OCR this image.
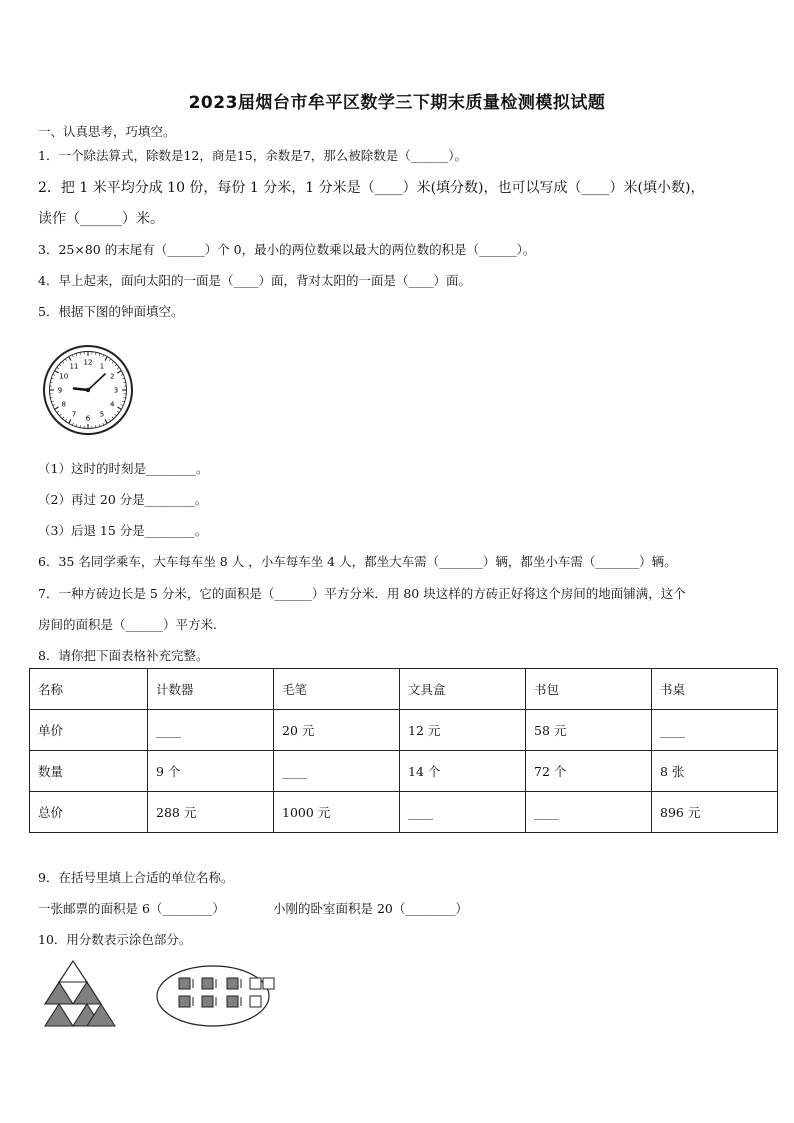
2023届烟台市牟平区数学三下期末质量检测模拟试题
一、认真思考，巧填空。
1．一个除法算式，除数是12，商是15，余数是7，那么被除数是（______）。
2．把 1 米平均分成 10 份，每份 1 分米，1 分米是（____）米(填分数)，也可以写成（____）米(填小数)，
读作（______）米。
3．25×80 的末尾有（______）个 0，最小的两位数乘以最大的两位数的积是（______）。
4．早上起来，面向太阳的一面是（____）面，背对太阳的一面是（____）面。
5．根据下图的钟面填空。
12 1
2
3
4
5
6
7
8
9
10
11
（1）这时的时刻是________。
（2）再过 20 分是________。
（3）后退 15 分是________。
6．35 名同学乘车，大车每车坐 8 人 ，小车每车坐 4 人，都坐大车需（_______）辆，都坐小车需（_______）辆。
7．一种方砖边长是 5 分米，它的面积是（______）平方分米．用 80 块这样的方砖正好将这个房间的地面铺满，这个
房间的面积是（______）平方米.
8．请你把下面表格补充完整。
名称	计数器	毛笔	文具盒	书包	书桌
单价	____	20 元	12 元	58 元	____
数量	9 个	____	14 个	72 个	8 张
总价	288 元	1000 元	____	____	896 元
9．在括号里填上合适的单位名称。
一张邮票的面积是 6（________）	小刚的卧室面积是 20（________）
10．用分数表示涂色部分。
